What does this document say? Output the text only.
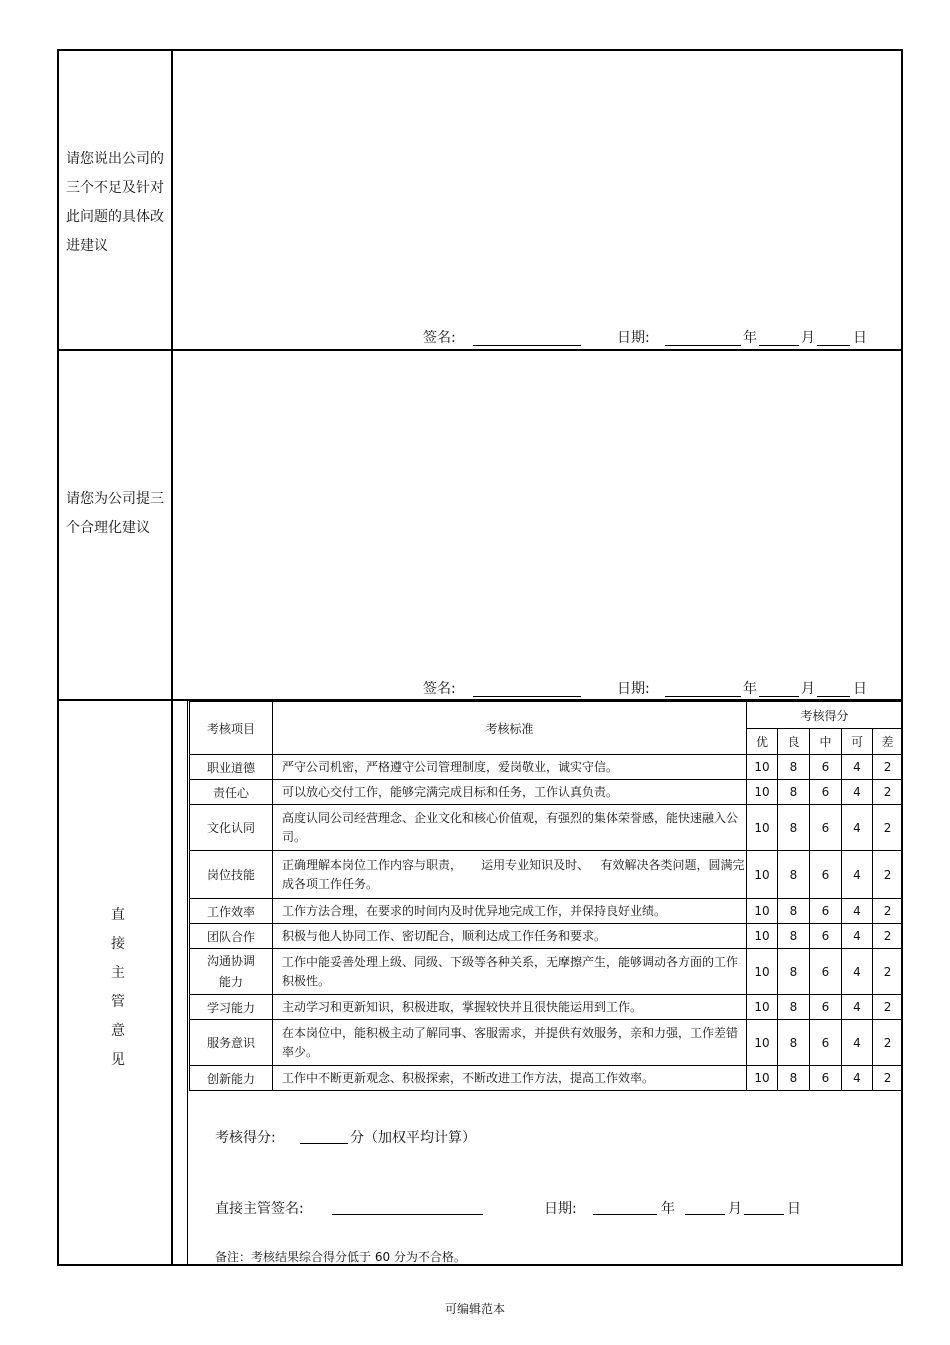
请您说出公司的三个不足及针对此问题的具体改进建议
签名:	日期:	年	月	日
请您为公司提三个合理化建议
签名:	日期:	年	月	日
直
接
主
管
意
见
考核项目	考核标准	考核得分				
		优	良	中	可	差
职业道德	严守公司机密，严格遵守公司管理制度，爱岗敬业，诚实守信。	10	8	6	4	2
责任心	可以放心交付工作，能够完满完成目标和任务，工作认真负责。	10	8	6	4	2
文化认同	高度认同公司经营理念、企业文化和核心价值观，有强烈的集体荣誉感，能快速融入公司。	10	8	6	4	2
岗位技能	正确理解本岗位工作内容与职责，     运用专业知识及时、   有效解决各类问题，圆满完成各项工作任务。	10	8	6	4	2
工作效率	工作方法合理，在要求的时间内及时优异地完成工作，并保持良好业绩。	10	8	6	4	2
团队合作	积极与他人协同工作、密切配合，顺利达成工作任务和要求。	10	8	6	4	2
沟通协调能力	工作中能妥善处理上级、同级、下级等各种关系，无摩擦产生，能够调动各方面的工作积极性。	10	8	6	4	2
学习能力	主动学习和更新知识，积极进取，掌握较快并且很快能运用到工作。	10	8	6	4	2
服务意识	在本岗位中，能积极主动了解同事、客服需求，并提供有效服务，亲和力强，工作差错率少。	10	8	6	4	2
创新能力	工作中不断更新观念、积极探索，不断改进工作方法，提高工作效率。	10	8	6	4	2
考核得分:	分（加权平均计算）
直接主管签名:	日期:	年	月	日
备注：考核结果综合得分低于 60 分为不合格。
可编辑范本
